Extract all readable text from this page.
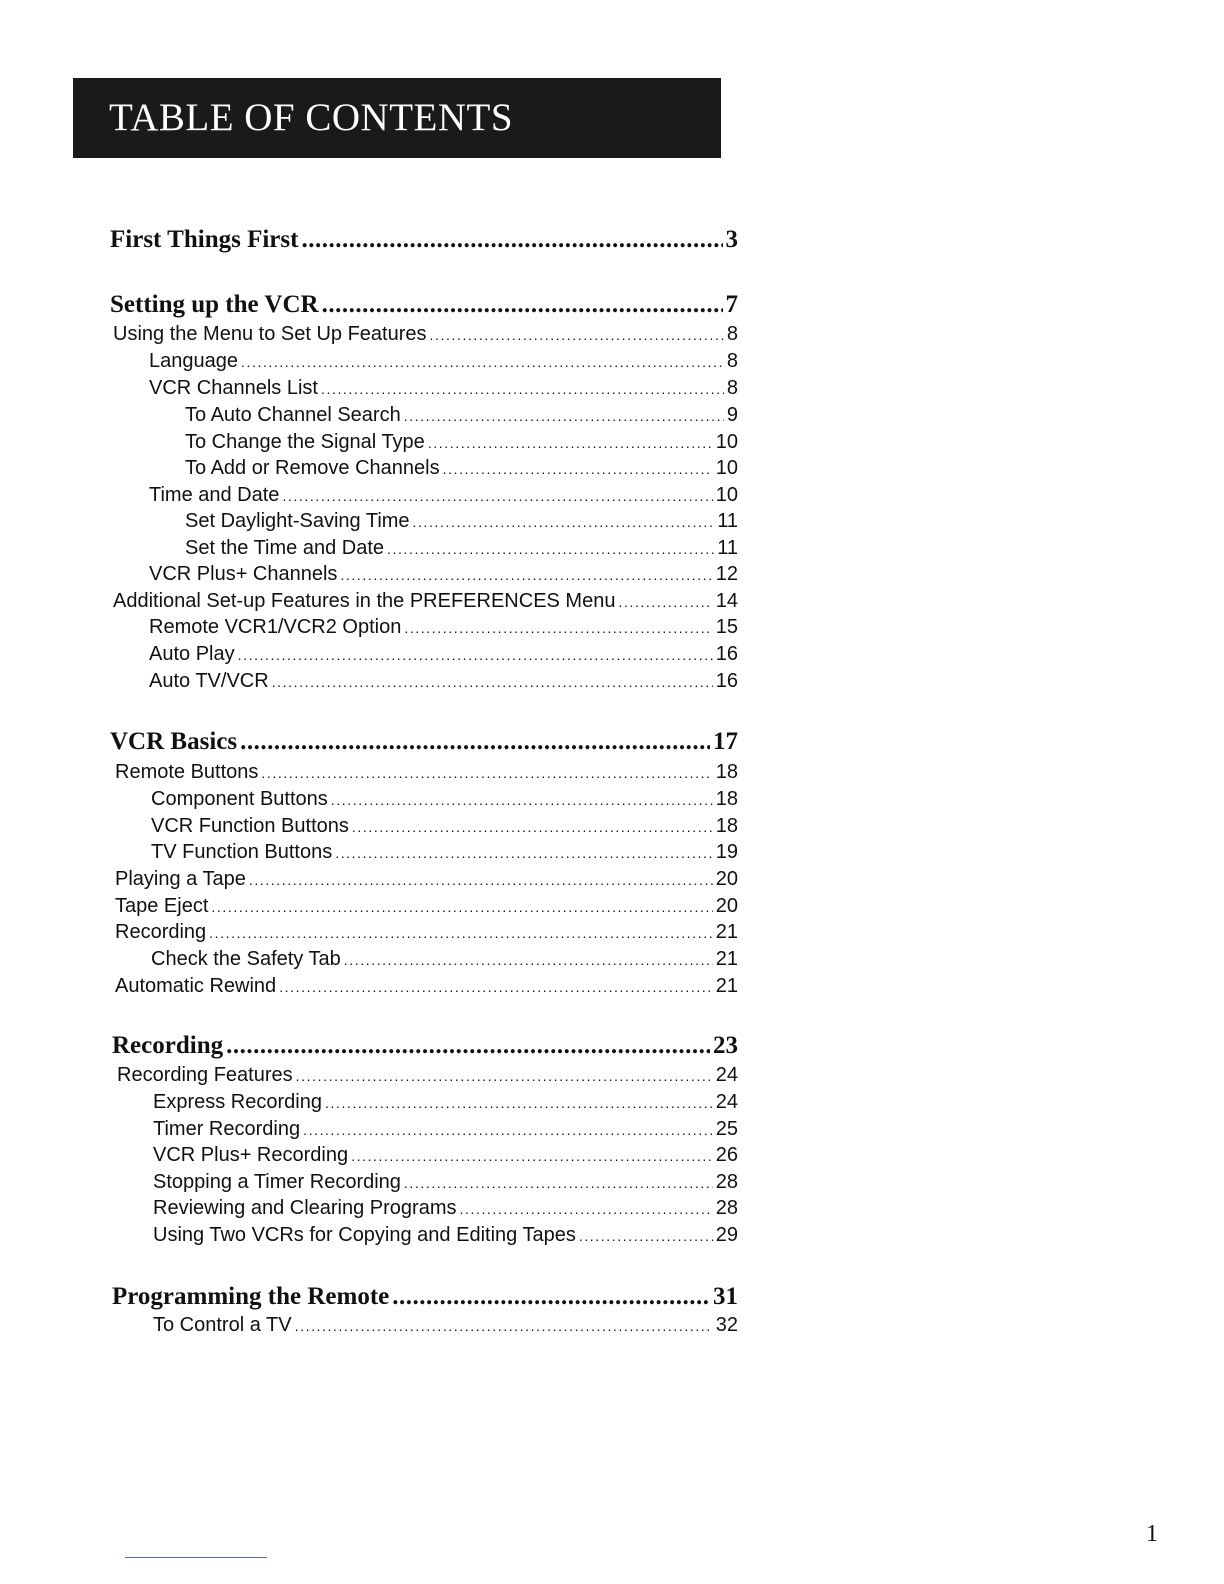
TABLE OF CONTENTS
First Things First .....	3
Setting up the VCR .....	7
Using the Menu to Set Up Features .....	8
Language .....	8
VCR Channels List .....	8
To Auto Channel Search .....	9
To Change the Signal Type .....	10
To Add or Remove Channels .....	10
Time and Date .....	10
Set Daylight-Saving Time .....	11
Set the Time and Date .....	11
VCR Plus+ Channels .....	12
Additional Set-up Features in the PREFERENCES Menu .....	14
Remote VCR1/VCR2 Option .....	15
Auto Play .....	16
Auto TV/VCR .....	16
VCR Basics .....	17
Remote Buttons .....	18
Component Buttons .....	18
VCR Function Buttons .....	18
TV Function Buttons .....	19
Playing a Tape .....	20
Tape Eject .....	20
Recording .....	21
Check the Safety Tab .....	21
Automatic Rewind .....	21
Recording .....	23
Recording Features .....	24
Express Recording .....	24
Timer Recording .....	25
VCR Plus+ Recording .....	26
Stopping a Timer Recording .....	28
Reviewing and Clearing Programs .....	28
Using Two VCRs for Copying and Editing Tapes .....	29
Programming the Remote .....	31
To Control a TV .....	32
1
